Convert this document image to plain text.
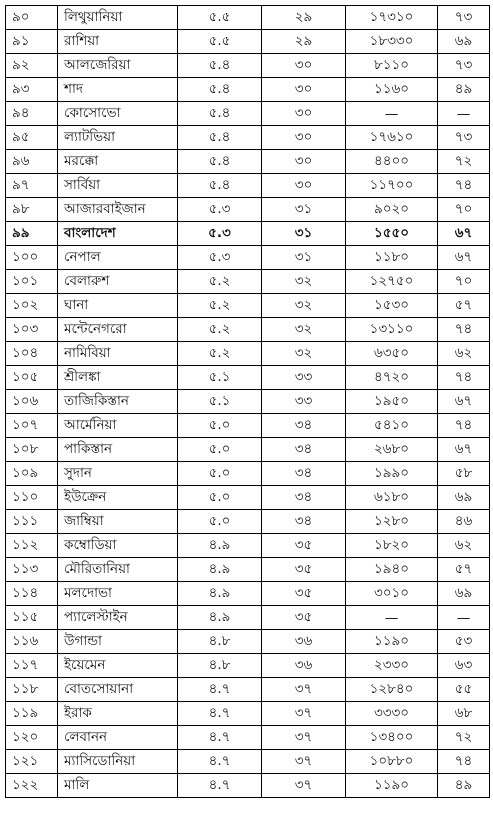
৯০	লিথুয়ানিয়া	৫.৫	২৯	১৭৩১০	৭৩
৯১	রাশিয়া	৫.৫	২৯	১৮৩৩০	৬৯
৯২	আলজেরিয়া	৫.৪	৩০	৮১১০	৭৩
৯৩	শাদ	৫.৪	৩০	১১৬০	৪৯
৯৪	কোসোভো	৫.৪	৩০	—	—
৯৫	ল্যাটভিয়া	৫.৪	৩০	১৭৬১০	৭৩
৯৬	মরক্কো	৫.৪	৩০	৪৪০০	৭২
৯৭	সার্বিয়া	৫.৪	৩০	১১৭০০	৭৪
৯৮	আজারবাইজান	৫.৩	৩১	৯০২০	৭০
৯৯	বাংলাদেশ	৫.৩	৩১	১৫৫০	৬৭
১০০	নেপাল	৫.৩	৩১	১১৮০	৬৭
১০১	বেলারুশ	৫.২	৩২	১২৭৫০	৭০
১০২	ঘানা	৫.২	৩২	১৫৩০	৫৭
১০৩	মন্টেনেগরো	৫.২	৩২	১৩১১০	৭৪
১০৪	নামিবিয়া	৫.২	৩২	৬৩৫০	৬২
১০৫	শ্রীলঙ্কা	৫.১	৩৩	৪৭২০	৭৪
১০৬	তাজিকিস্তান	৫.১	৩৩	১৯৫০	৬৭
১০৭	আর্মেনিয়া	৫.০	৩৪	৫৪১০	৭৪
১০৮	পাকিস্তান	৫.০	৩৪	২৬৮০	৬৭
১০৯	সুদান	৫.০	৩৪	১৯৯০	৫৮
১১০	ইউক্রেন	৫.০	৩৪	৬১৮০	৬৯
১১১	জাম্বিয়া	৫.০	৩৪	১২৮০	৪৬
১১২	কম্বোডিয়া	৪.৯	৩৫	১৮২০	৬২
১১৩	মৌরিতানিয়া	৪.৯	৩৫	১৯৪০	৫৭
১১৪	মলদোভা	৪.৯	৩৫	৩০১০	৬৯
১১৫	প্যালেস্টাইন	৪.৯	৩৫	—	—
১১৬	উগান্ডা	৪.৮	৩৬	১১৯০	৫৩
১১৭	ইয়েমেন	৪.৮	৩৬	২৩৩০	৬৩
১১৮	বোতসোয়ানা	৪.৭	৩৭	১২৮৪০	৫৫
১১৯	ইরাক	৪.৭	৩৭	৩৩৩০	৬৮
১২০	লেবানন	৪.৭	৩৭	১৩৪০০	৭২
১২১	ম্যাসিডোনিয়া	৪.৭	৩৭	১০৮৮০	৭৪
১২২	মালি	৪.৭	৩৭	১১৯০	৪৯
